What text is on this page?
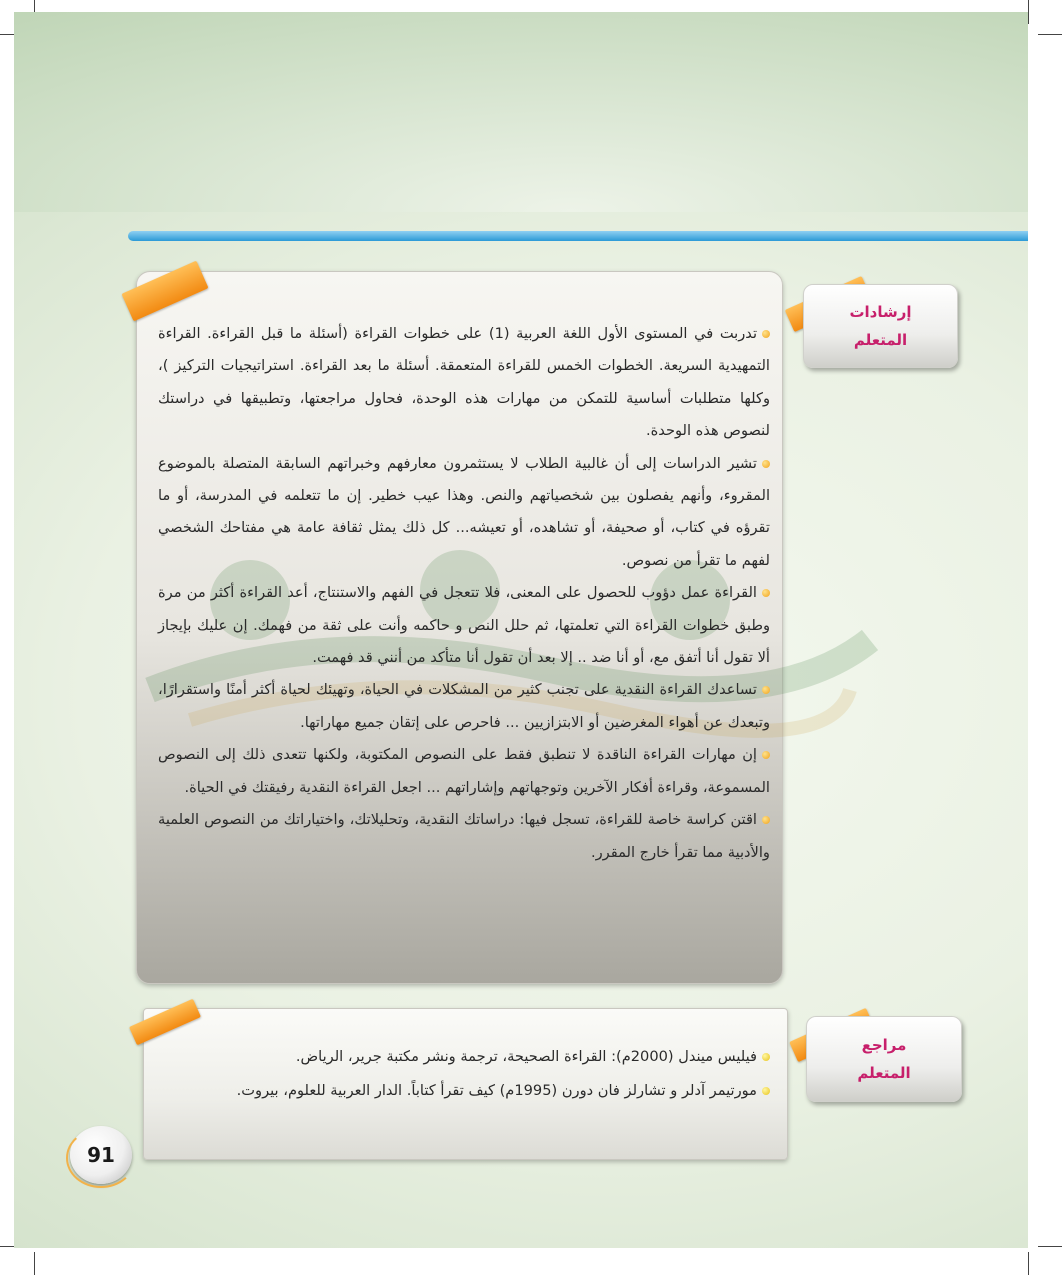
تدربت في المستوى الأول اللغة العربية (1) على خطوات القراءة (أسئلة ما قبل القراءة. القراءة التمهيدية السريعة. الخطوات الخمس للقراءة المتعمقة. أسئلة ما بعد القراءة. استراتيجيات التركيز )، وكلها متطلبات أساسية للتمكن من مهارات هذه الوحدة، فحاول مراجعتها، وتطبيقها في دراستك لنصوص هذه الوحدة.

تشير الدراسات إلى أن غالبية الطلاب لا يستثمرون معارفهم وخبراتهم السابقة المتصلة بالموضوع المقروء، وأنهم يفصلون بين شخصياتهم والنص. وهذا عيب خطير. إن ما تتعلمه في المدرسة، أو ما تقرؤه في كتاب، أو صحيفة، أو تشاهده، أو تعيشه... كل ذلك يمثل ثقافة عامة هي مفتاحك الشخصي لفهم ما تقرأ من نصوص.

القراءة عمل دؤوب للحصول على المعنى، فلا تتعجل في الفهم والاستنتاج، أعد القراءة أكثر من مرة وطبق خطوات القراءة التي تعلمتها، ثم حلل النص و حاكمه وأنت على ثقة من فهمك. إن عليك بإيجاز ألا تقول أنا أتفق مع، أو أنا ضد .. إلا بعد أن تقول أنا متأكد من أنني قد فهمت.

تساعدك القراءة النقدية على تجنب كثير من المشكلات في الحياة، وتهيئك لحياة أكثر أمنًا واستقرارًا، وتبعدك عن أهواء المغرضين أو الابتزازيين ... فاحرص على إتقان جميع مهاراتها.

إن مهارات القراءة الناقدة لا تنطبق فقط على النصوص المكتوبة، ولكنها تتعدى ذلك إلى النصوص المسموعة، وقراءة أفكار الآخرين وتوجهاتهم وإشاراتهم ... اجعل القراءة النقدية رفيقتك في الحياة.

اقتن كراسة خاصة للقراءة، تسجل فيها: دراساتك النقدية، وتحليلاتك، واختياراتك من النصوص العلمية والأدبية مما تقرأ خارج المقرر.

إرشادات
المتعلم

فيليس ميندل (2000م): القراءة الصحيحة، ترجمة ونشر مكتبة جرير، الرياض.

مورتيمر آدلر و تشارلز فان دورن (1995م) كيف تقرأ كتاباً. الدار العربية للعلوم، بيروت.

مراجع
المتعلم
91
